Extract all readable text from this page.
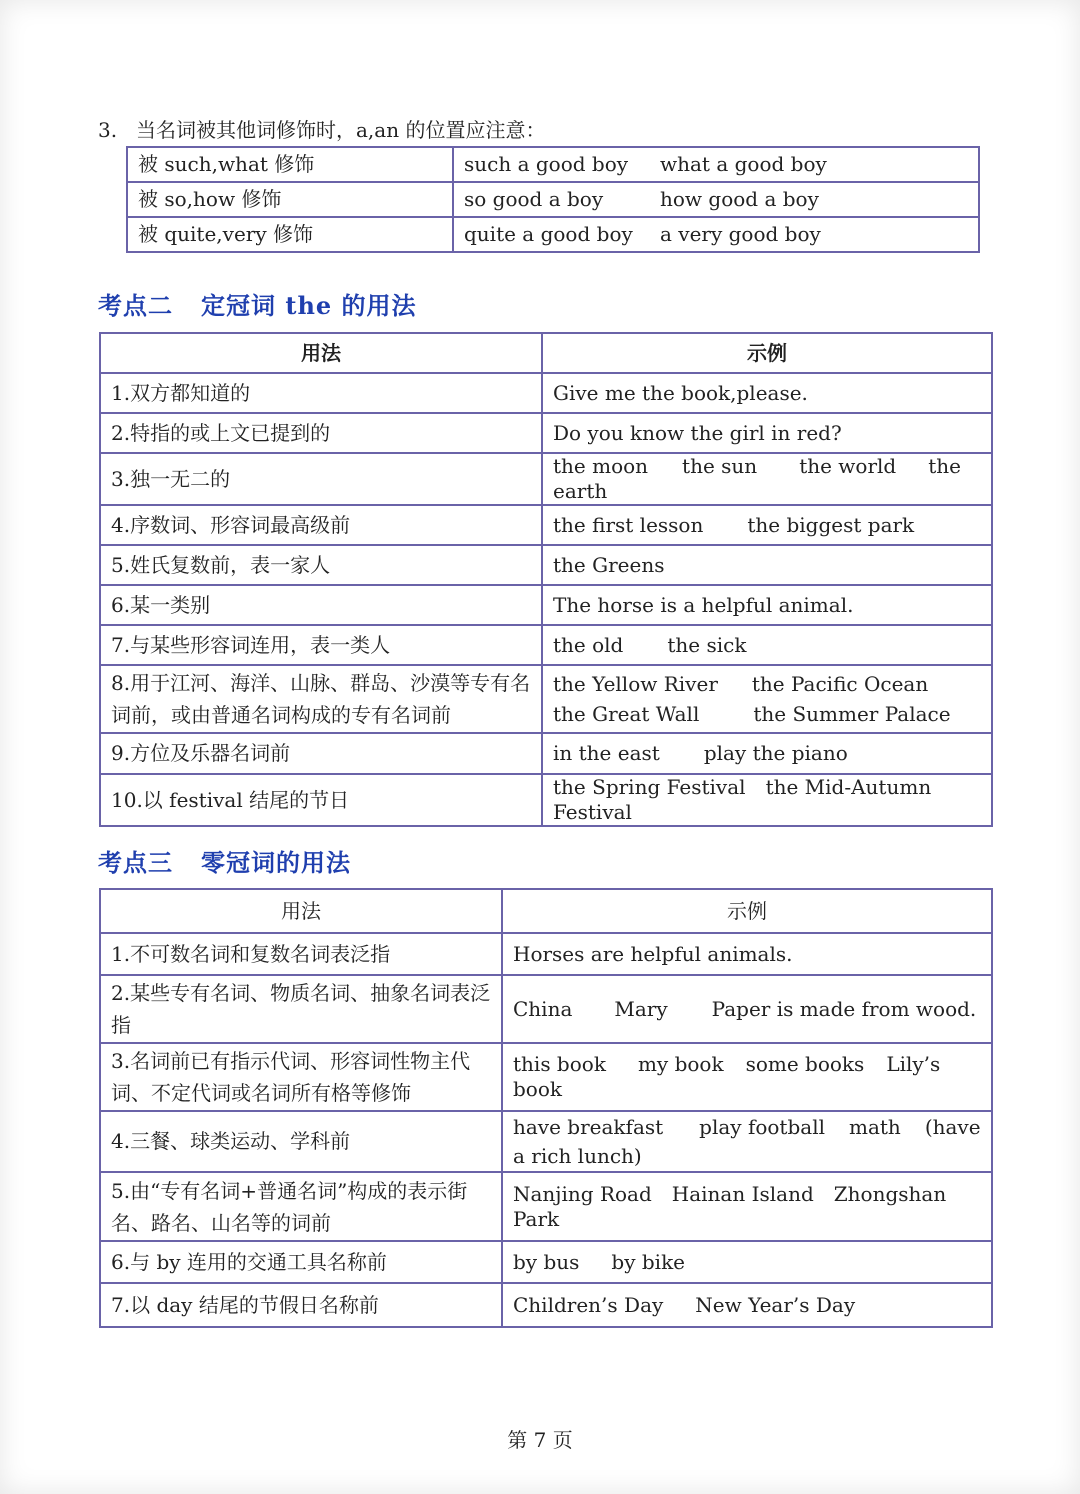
3. 当名词被其他词修饰时，a,an 的位置应注意：
被 such,what 修饰	such a good boy	what a good boy
被 so,how 修饰	so good a boy	how good a boy
被 quite,very 修饰	quite a good boy	a very good boy
考点二 定冠词 the 的用法
用法	示例
1.双方都知道的	Give me the book,please.
2.特指的或上文已提到的	Do you know the girl in red?
3.独一无二的	the moon the sun the world the earth
4.序数词、形容词最高级前	the first lesson the biggest park
5.姓氏复数前，表一家人	the Greens
6.某一类别	The horse is a helpful animal.
7.与某些形容词连用，表一类人	the old the sick
8.用于江河、海洋、山脉、群岛、沙漠等专有名词前，或由普通名词构成的专有名词前	the Yellow River the Pacific Ocean
the Great Wall the Summer Palace

9.方位及乐器名词前	in the east play the piano
10.以 festival 结尾的节日	the Spring Festival the Mid-Autumn Festival
考点三 零冠词的用法
用法	示例
1.不可数名词和复数名词表泛指	Horses are helpful animals.
2.某些专有名词、物质名词、抽象名词表泛指	China Mary Paper is made from wood.
3.名词前已有指示代词、形容词性物主代词、不定代词或名词所有格等修饰	this book my book some books Lily’s book
4.三餐、球类运动、学科前	have breakfast play football math (have a rich lunch)
5.由“专有名词+普通名词”构成的表示街名、路名、山名等的词前	Nanjing Road Hainan Island Zhongshan Park
6.与 by 连用的交通工具名称前	by bus by bike
7.以 day 结尾的节假日名称前	Children’s Day New Year’s Day
第 7 页
